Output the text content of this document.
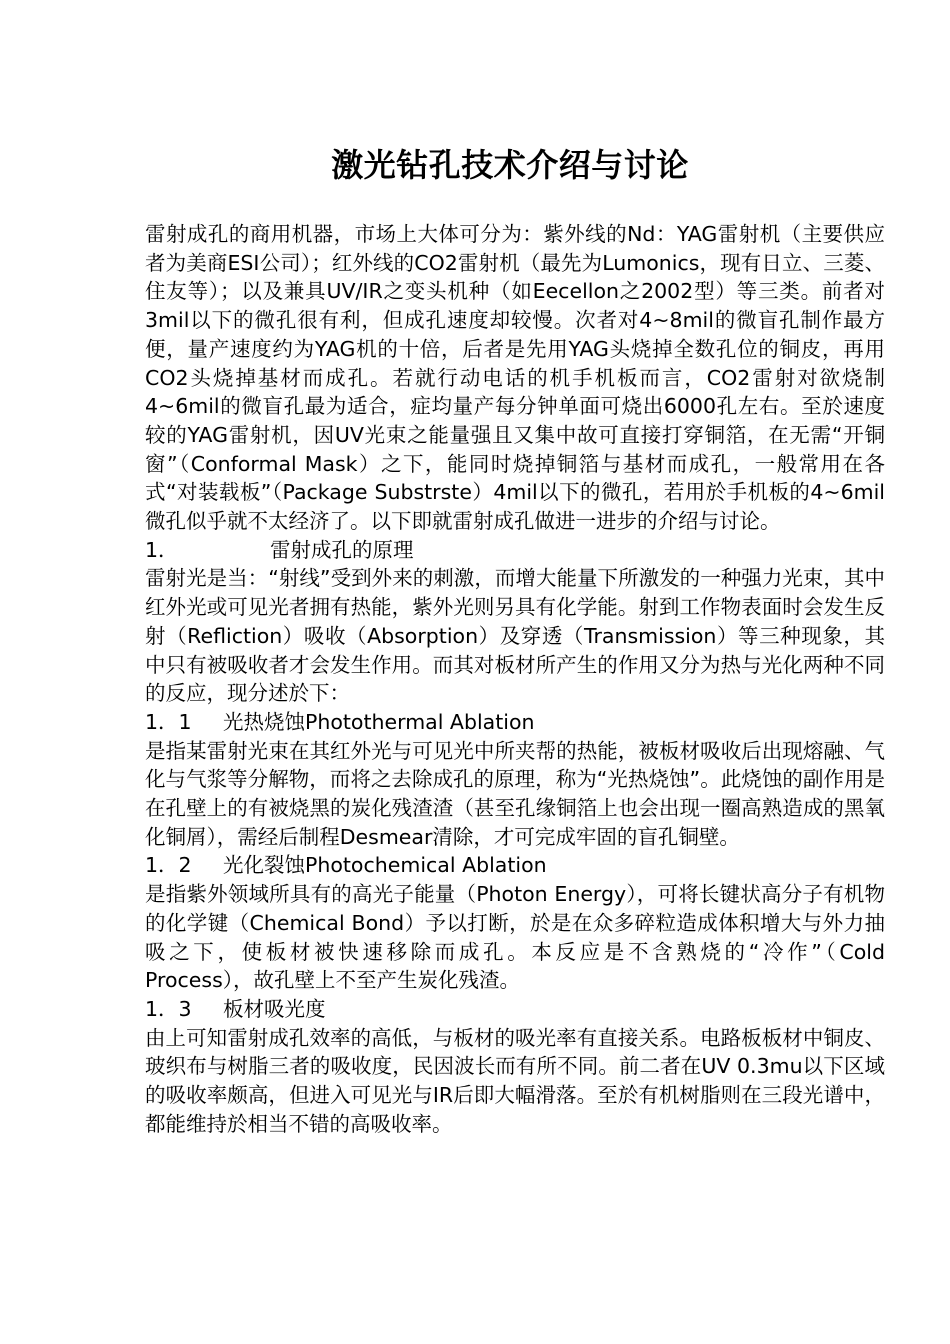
激光钻孔技术介绍与讨论

雷射成孔的商用机器，市场上大体可分为：紫外线的Nd：YAG雷射机（主要供应者为美商ESI公司）；红外线的CO2雷射机（最先为Lumonics，现有日立、三菱、住友等）；以及兼具UV/IR之变头机种（如Eecellon之2002型）等三类。前者对3mil以下的微孔很有利，但成孔速度却较慢。次者对4~8mil的微盲孔制作最方便，量产速度约为YAG机的十倍，后者是先用YAG头烧掉全数孔位的铜皮，再用CO2头烧掉基材而成孔。若就行动电话的机手机板而言，CO2雷射对欲烧制4~6mil的微盲孔最为适合，症均量产每分钟单面可烧出6000孔左右。至於速度较的YAG雷射机，因UV光束之能量强且又集中故可直接打穿铜箔，在无需“开铜窗”（Conformal Mask）之下，能同时烧掉铜箔与基材而成孔，一般常用在各式“对装载板”（Package Substrste）4mil以下的微孔，若用於手机板的4~6mil微孔似乎就不太经济了。以下即就雷射成孔做进一进步的介绍与讨论。

1．	雷射成孔的原理

雷射光是当：“射线”受到外来的刺激，而增大能量下所激发的一种强力光束，其中红外光或可见光者拥有热能，紫外光则另具有化学能。射到工作物表面时会发生反射（Refliction）吸收（Absorption）及穿透（Transmission）等三种现象，其中只有被吸收者才会发生作用。而其对板材所产生的作用又分为热与光化两种不同的反应，现分述於下：

1．1 光热烧蚀Photothermal Ablation

是指某雷射光束在其红外光与可见光中所夹帮的热能，被板材吸收后出现熔融、气化与气浆等分解物，而将之去除成孔的原理，称为“光热烧蚀”。此烧蚀的副作用是在孔壁上的有被烧黑的炭化残渣渣（甚至孔缘铜箔上也会出现一圈高熟造成的黑氧化铜屑），需经后制程Desmear清除，才可完成牢固的盲孔铜壁。

1．2 光化裂蚀Photochemical Ablation

是指紫外领域所具有的高光子能量（Photon Energy），可将长键状高分子有机物的化学键（Chemical Bond）予以打断，於是在众多碎粒造成体积增大与外力抽吸之下，使板材被快速移除而成孔。本反应是不含熟烧的“冷作”（Cold Process），故孔壁上不至产生炭化残渣。

1．3 板材吸光度

由上可知雷射成孔效率的高低，与板材的吸光率有直接关系。电路板板材中铜皮、玻织布与树脂三者的吸收度，民因波长而有所不同。前二者在UV 0.3mu以下区域的吸收率颇高，但进入可见光与IR后即大幅滑落。至於有机树脂则在三段光谱中，都能维持於相当不错的高吸收率。
